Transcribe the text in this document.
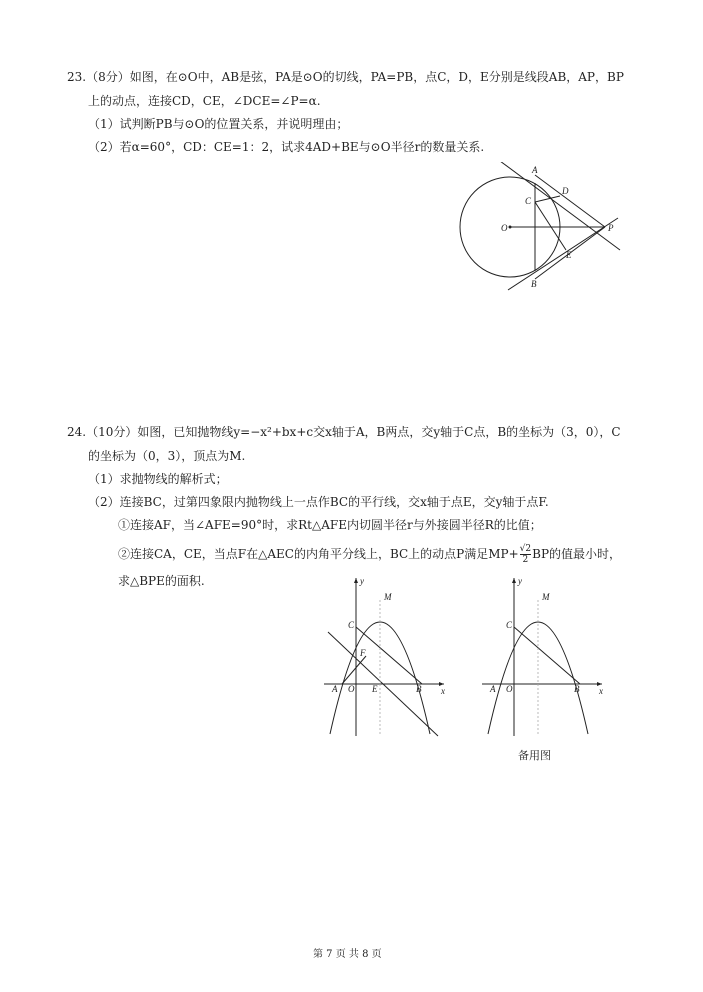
23.（8分）如图，在⊙O中，AB是弦，PA是⊙O的切线，PA=PB，点C，D，E分别是线段AB，AP，BP
上的动点，连接CD，CE，∠DCE=∠P=α.
（1）试判断PB与⊙O的位置关系，并说明理由；
（2）若α=60°，CD：CE=1：2，试求4AD+BE与⊙O半径r的数量关系.
A
B
C
D
E
O	P
24.（10分）如图，已知抛物线y=−x²+bx+c交x轴于A，B两点，交y轴于C点，B的坐标为（3，0），C
的坐标为（0，3），顶点为M.
（1）求抛物线的解析式；
（2）连接BC，过第四象限内抛物线上一点作BC的平行线，交x轴于点E，交y轴于点F.
①连接AF，当∠AFE=90°时，求Rt△AFE内切圆半径r与外接圆半径R的比值；
②连接CA，CE，当点F在△AEC的内角平分线上，BC上的动点P满足$MP+ \frac{√2}{2}$ BP的值最小时，
求△BPE的面积.	y
x
M
C
F
A O E	B
y
x
M
C
A O	B
备用图
第 7 页 共 8 页
